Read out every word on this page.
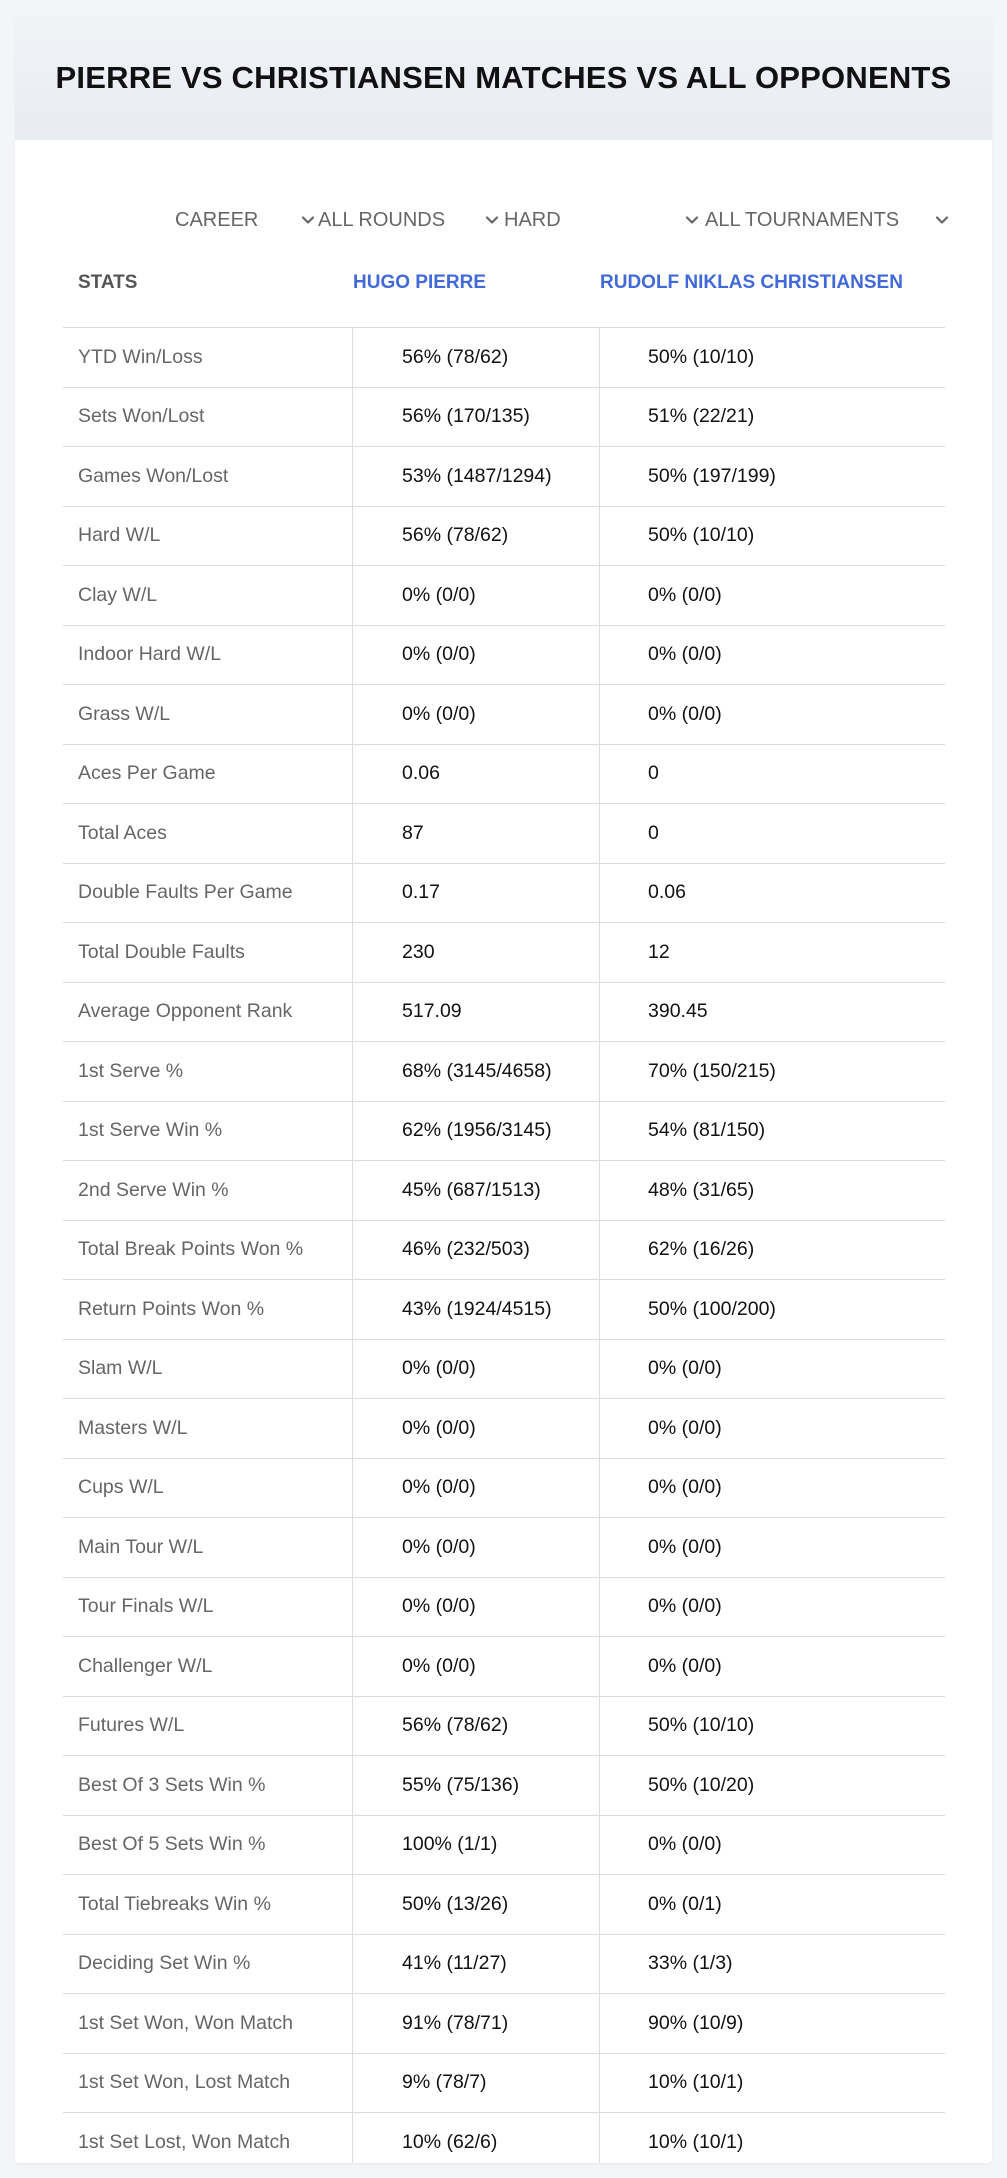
PIERRE VS CHRISTIANSEN MATCHES VS ALL OPPONENTS
CAREER	ALL ROUNDS	HARD	ALL TOURNAMENTS
STATS	HUGO PIERRE	RUDOLF NIKLAS CHRISTIANSEN
YTD Win/Loss	56% (78/62)	50% (10/10)
Sets Won/Lost	56% (170/135)	51% (22/21)
Games Won/Lost	53% (1487/1294)	50% (197/199)
Hard W/L	56% (78/62)	50% (10/10)
Clay W/L	0% (0/0)	0% (0/0)
Indoor Hard W/L	0% (0/0)	0% (0/0)
Grass W/L	0% (0/0)	0% (0/0)
Aces Per Game	0.06	0
Total Aces	87	0
Double Faults Per Game	0.17	0.06
Total Double Faults	230	12
Average Opponent Rank	517.09	390.45
1st Serve %	68% (3145/4658)	70% (150/215)
1st Serve Win %	62% (1956/3145)	54% (81/150)
2nd Serve Win %	45% (687/1513)	48% (31/65)
Total Break Points Won %	46% (232/503)	62% (16/26)
Return Points Won %	43% (1924/4515)	50% (100/200)
Slam W/L	0% (0/0)	0% (0/0)
Masters W/L	0% (0/0)	0% (0/0)
Cups W/L	0% (0/0)	0% (0/0)
Main Tour W/L	0% (0/0)	0% (0/0)
Tour Finals W/L	0% (0/0)	0% (0/0)
Challenger W/L	0% (0/0)	0% (0/0)
Futures W/L	56% (78/62)	50% (10/10)
Best Of 3 Sets Win %	55% (75/136)	50% (10/20)
Best Of 5 Sets Win %	100% (1/1)	0% (0/0)
Total Tiebreaks Win %	50% (13/26)	0% (0/1)
Deciding Set Win %	41% (11/27)	33% (1/3)
1st Set Won, Won Match	91% (78/71)	90% (10/9)
1st Set Won, Lost Match	9% (78/7)	10% (10/1)
1st Set Lost, Won Match	10% (62/6)	10% (10/1)
